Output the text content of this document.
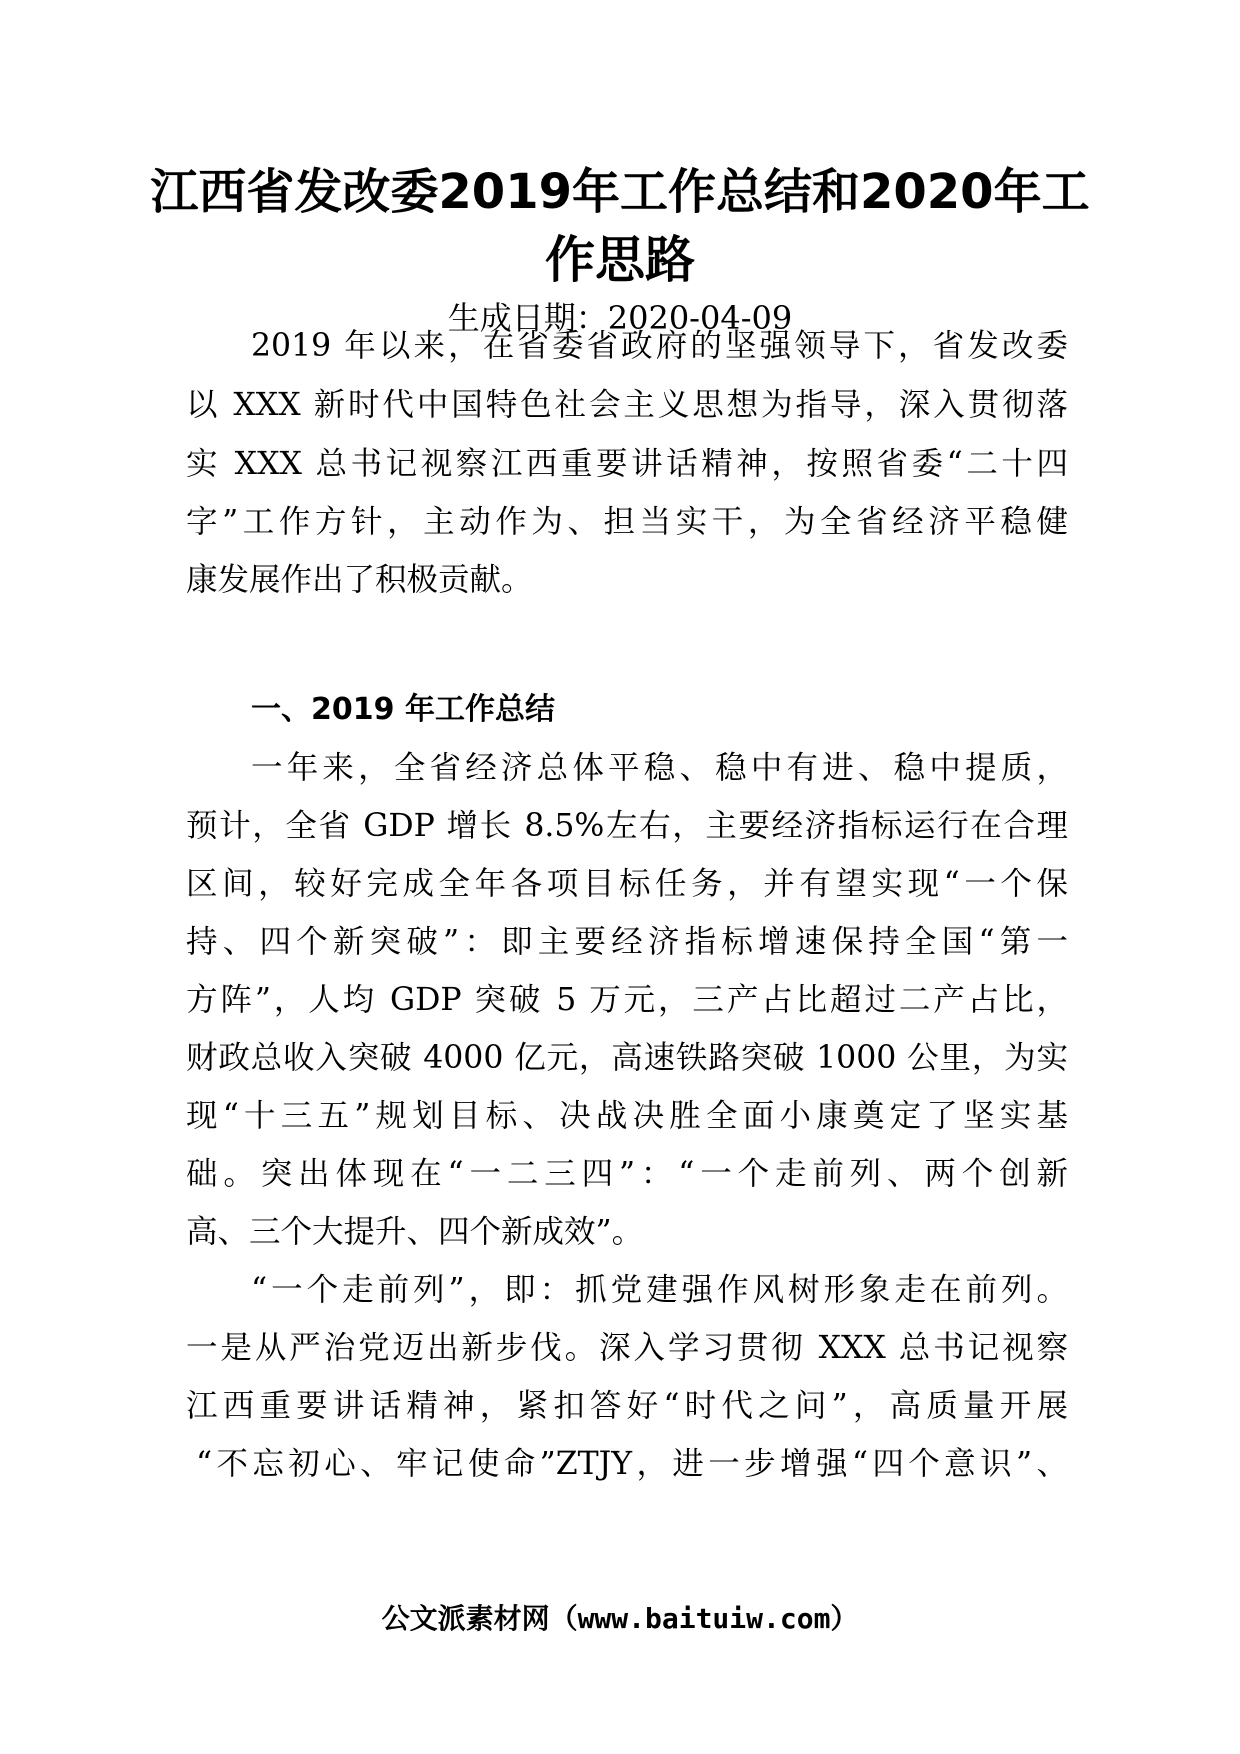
江西省发改委2019年工作总结和2020年工
作思路

生成日期：2020-04-09

2019 年以来，在省委省政府的坚强领导下，省发改委
以 XXX 新时代中国特色社会主义思想为指导，深入贯彻落
实 XXX 总书记视察江西重要讲话精神，按照省委“二十四
字”工作方针，主动作为、担当实干，为全省经济平稳健
康发展作出了积极贡献。
一、2019 年工作总结
一年来，全省经济总体平稳、稳中有进、稳中提质，
预计，全省 GDP 增长 8.5%左右，主要经济指标运行在合理
区间，较好完成全年各项目标任务，并有望实现“一个保
持、四个新突破”：即主要经济指标增速保持全国“第一
方阵”，人均 GDP 突破 5 万元，三产占比超过二产占比，
财政总收入突破 4000 亿元，高速铁路突破 1000 公里，为实
现“十三五”规划目标、决战决胜全面小康奠定了坚实基
础。突出体现在“一二三四”：“一个走前列、两个创新
高、三个大提升、四个新成效”。
“一个走前列”，即：抓党建强作风树形象走在前列。
一是从严治党迈出新步伐。深入学习贯彻 XXX 总书记视察
江西重要讲话精神，紧扣答好“时代之问”，高质量开展
“不忘初心、牢记使命”ZTJY，进一步增强“四个意识”、
公文派素材网（www.baituiw.com）
